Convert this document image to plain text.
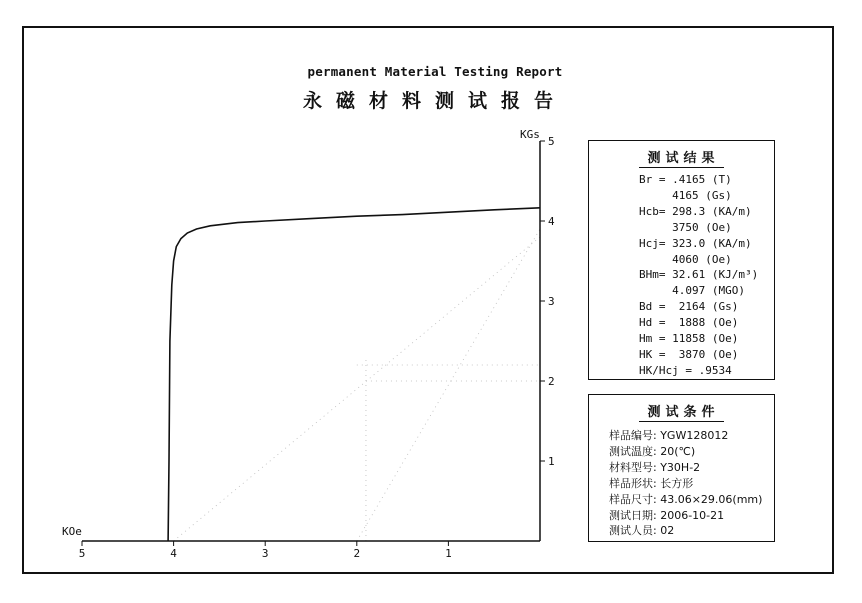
permanent Material Testing Report
永磁材料测试报告
5	4	3	2	1
5
4
3
2
1
KOe
KGs
测试结果
Br = .4165 (T)
4165 (Gs)
Hcb= 298.3 (KA/m)
3750 (Oe)
Hcj= 323.0 (KA/m)
4060 (Oe)
BHm= 32.61 (KJ/m³)
4.097 (MGO)
Bd =  2164 (Gs)
Hd =  1888 (Oe)
Hm = 11858 (Oe)
HK =  3870 (Oe)
HK/Hcj = .9534
测试条件
样品编号: YGW128012
测试温度: 20(℃)
材料型号: Y30H-2
样品形状: 长方形
样品尺寸: 43.06×29.06(mm)
测试日期: 2006-10-21
测试人员: 02
